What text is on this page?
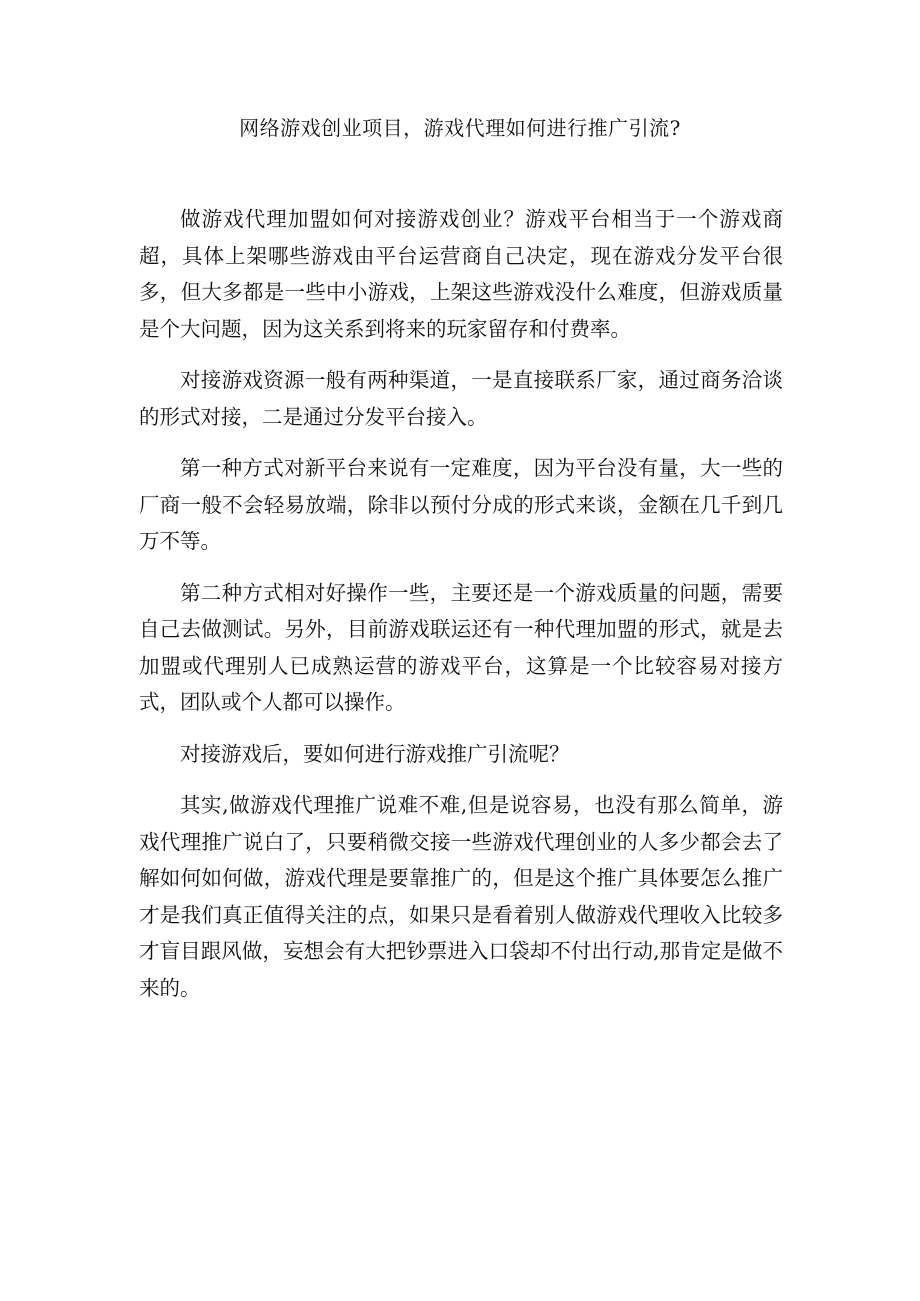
网络游戏创业项目，游戏代理如何进行推广引流?

做游戏代理加盟如何对接游戏创业？游戏平台相当于一个游戏商超，具体上架哪些游戏由平台运营商自己决定，现在游戏分发平台很多，但大多都是一些中小游戏，上架这些游戏没什么难度，但游戏质量是个大问题，因为这关系到将来的玩家留存和付费率。

对接游戏资源一般有两种渠道，一是直接联系厂家，通过商务洽谈的形式对接，二是通过分发平台接入。

第一种方式对新平台来说有一定难度，因为平台没有量，大一些的厂商一般不会轻易放端，除非以预付分成的形式来谈，金额在几千到几万不等。

第二种方式相对好操作一些，主要还是一个游戏质量的问题，需要自己去做测试。另外，目前游戏联运还有一种代理加盟的形式，就是去加盟或代理别人已成熟运营的游戏平台，这算是一个比较容易对接方式，团队或个人都可以操作。

对接游戏后，要如何进行游戏推广引流呢？

其实,做游戏代理推广说难不难,但是说容易，也没有那么简单，游戏代理推广说白了，只要稍微交接一些游戏代理创业的人多少都会去了解如何如何做，游戏代理是要靠推广的，但是这个推广具体要怎么推广才是我们真正值得关注的点，如果只是看着别人做游戏代理收入比较多才盲目跟风做，妄想会有大把钞票进入口袋却不付出行动,那肯定是做不来的。
